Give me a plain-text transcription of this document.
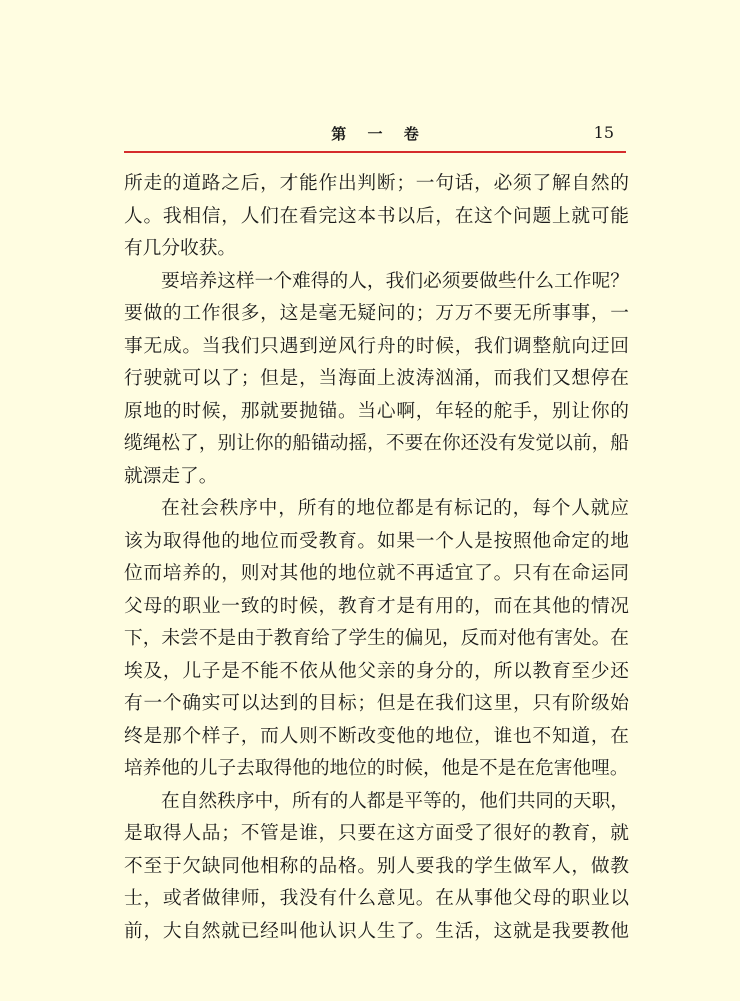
第 一 卷	15
所走的道路之后，才能作出判断；一句话，必须了解自然的
人。我相信，人们在看完这本书以后，在这个问题上就可能
有几分收获。
要培养这样一个难得的人，我们必须要做些什么工作呢？
要做的工作很多，这是毫无疑问的；万万不要无所事事，一
事无成。当我们只遇到逆风行舟的时候，我们调整航向迂回
行驶就可以了；但是，当海面上波涛汹涌，而我们又想停在
原地的时候，那就要抛锚。当心啊，年轻的舵手，别让你的
缆绳松了，别让你的船锚动摇，不要在你还没有发觉以前，船
就漂走了。
在社会秩序中，所有的地位都是有标记的，每个人就应
该为取得他的地位而受教育。如果一个人是按照他命定的地
位而培养的，则对其他的地位就不再适宜了。只有在命运同
父母的职业一致的时候，教育才是有用的，而在其他的情况
下，未尝不是由于教育给了学生的偏见，反而对他有害处。在
埃及，儿子是不能不依从他父亲的身分的，所以教育至少还
有一个确实可以达到的目标；但是在我们这里，只有阶级始
终是那个样子，而人则不断改变他的地位，谁也不知道，在
培养他的儿子去取得他的地位的时候，他是不是在危害他哩。
在自然秩序中，所有的人都是平等的，他们共同的天职，
是取得人品；不管是谁，只要在这方面受了很好的教育，就
不至于欠缺同他相称的品格。别人要我的学生做军人，做教
士，或者做律师，我没有什么意见。在从事他父母的职业以
前，大自然就已经叫他认识人生了。生活，这就是我要教他
